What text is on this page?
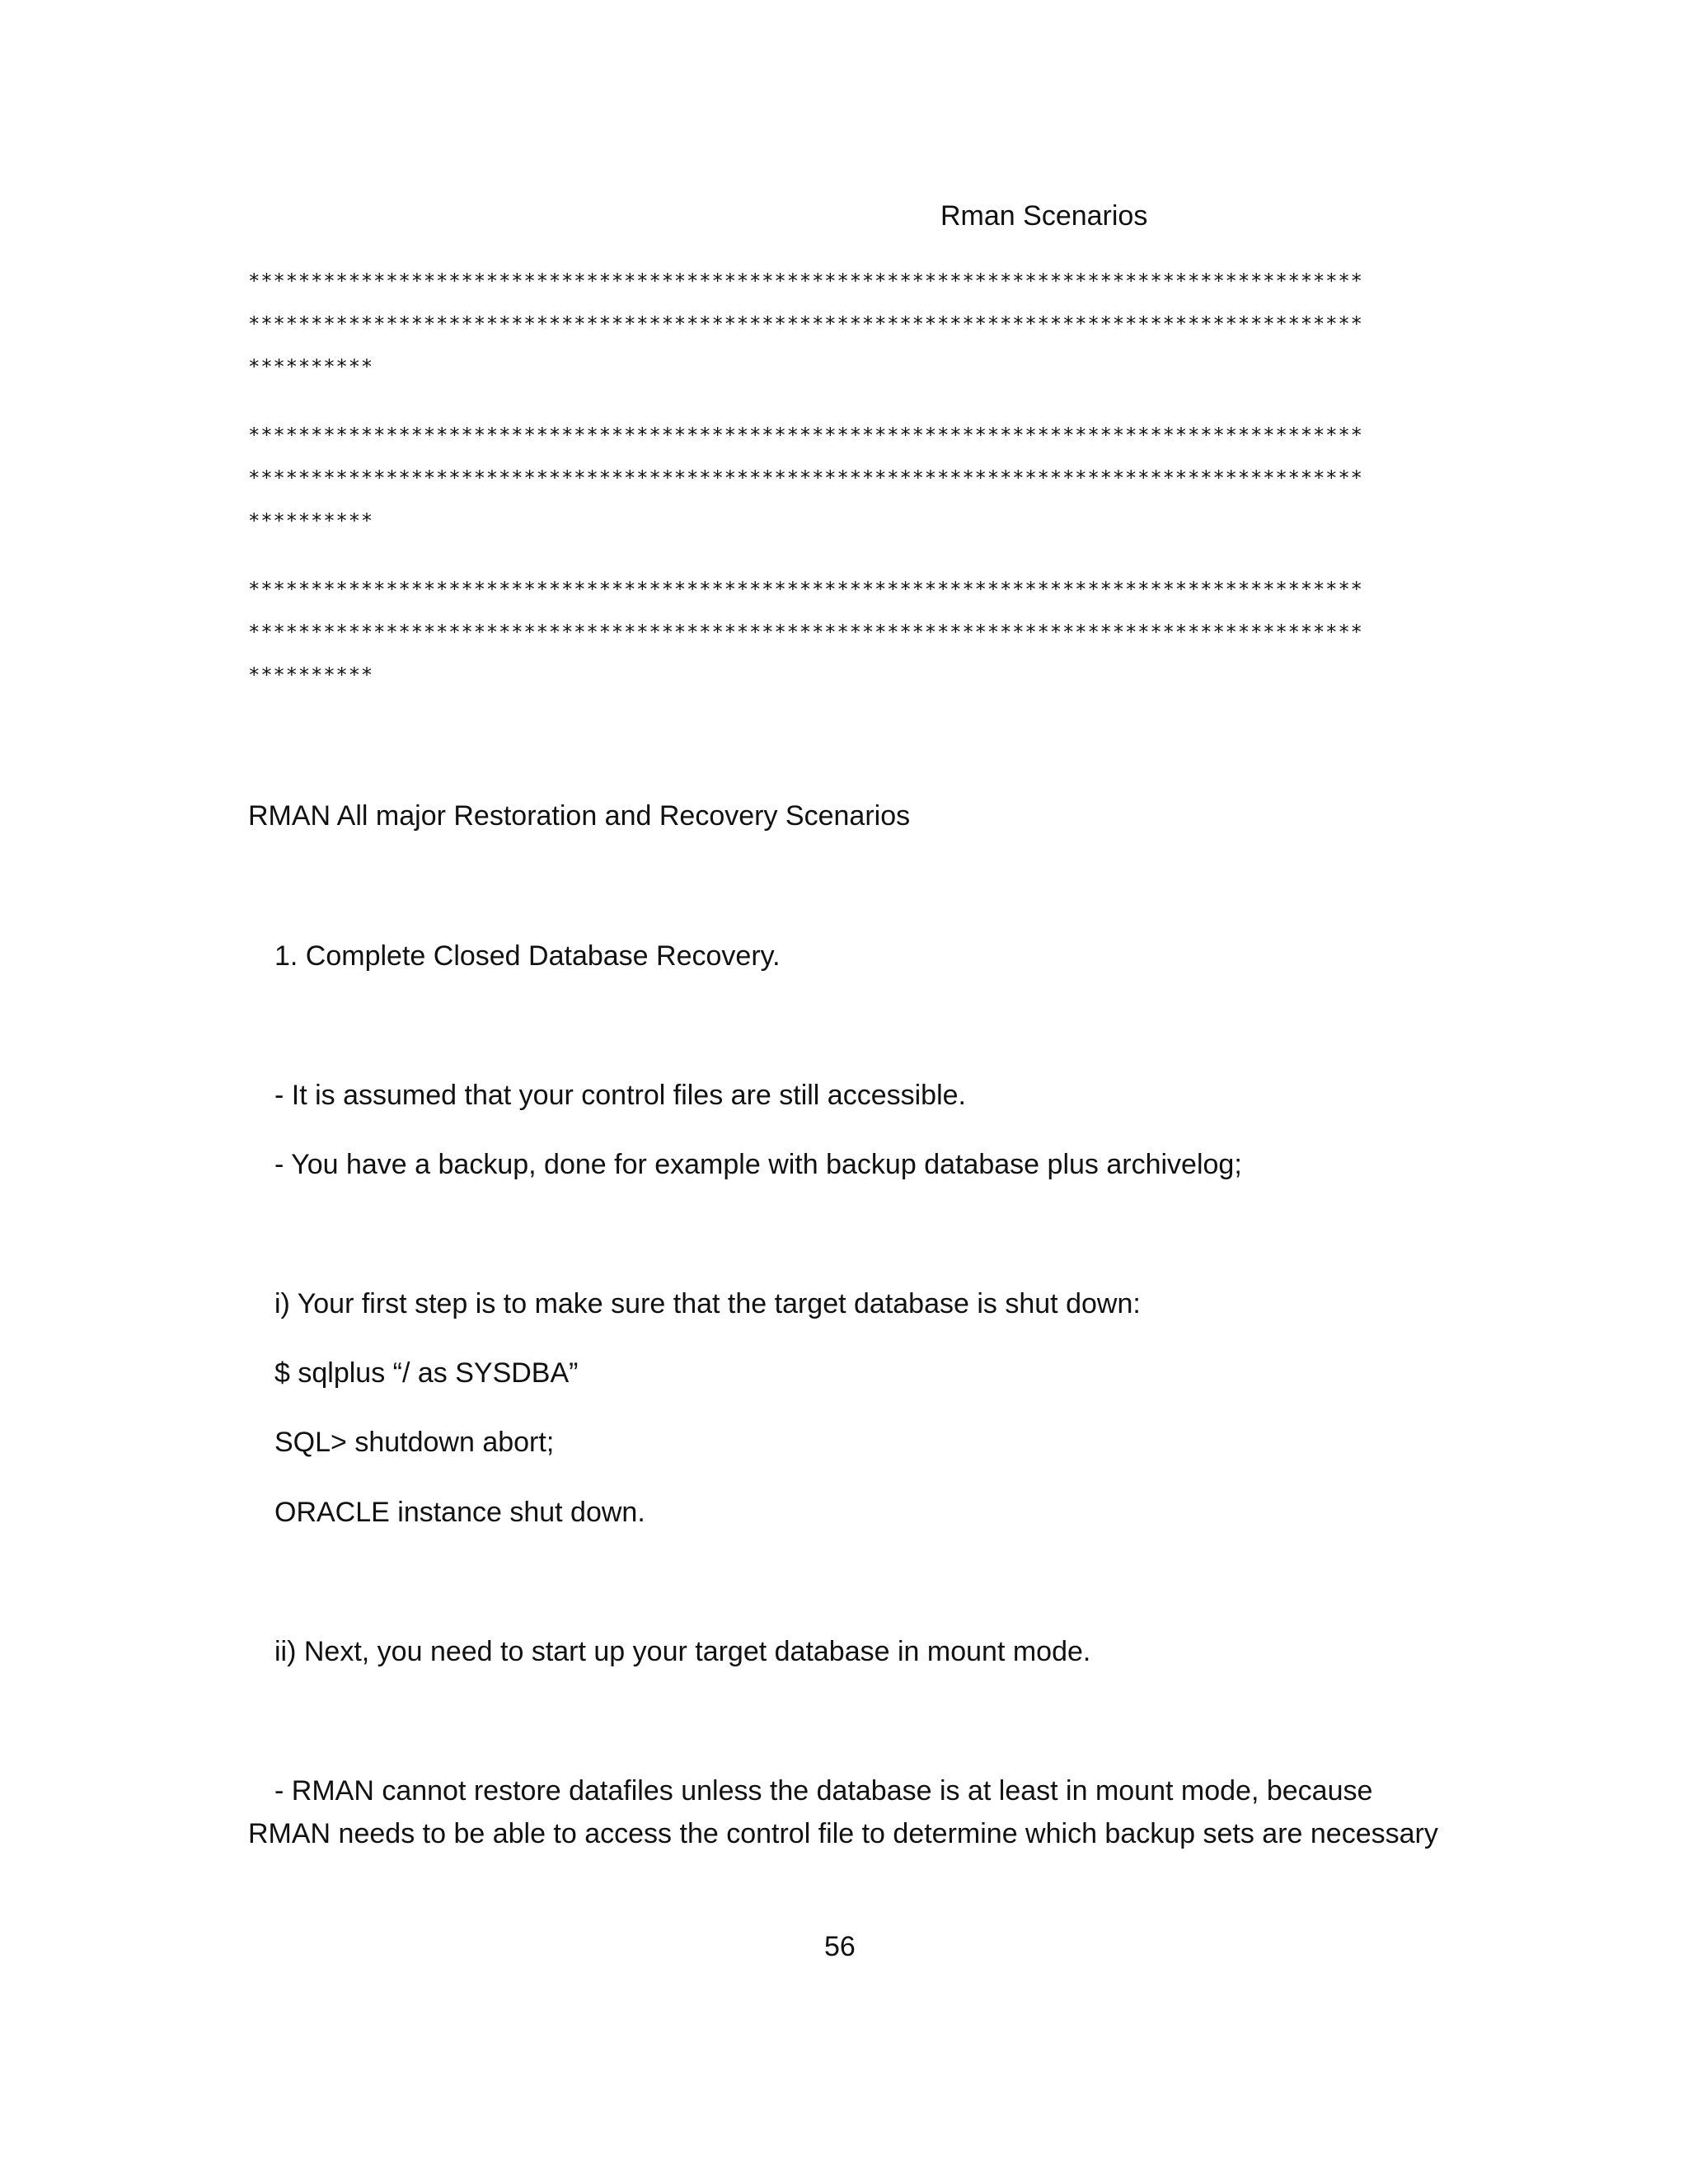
Rman Scenarios
*****************************************************************************************
*****************************************************************************************
**********
*****************************************************************************************
*****************************************************************************************
**********
*****************************************************************************************
*****************************************************************************************
**********
RMAN All major Restoration and Recovery Scenarios
1. Complete Closed Database Recovery.
- It is assumed that your control files are still accessible.
- You have a backup, done for example with backup database plus archivelog;
i) Your first step is to make sure that the target database is shut down:
$ sqlplus “/ as SYSDBA”
SQL> shutdown abort;
ORACLE instance shut down.
ii) Next, you need to start up your target database in mount mode.
- RMAN cannot restore datafiles unless the database is at least in mount mode, because
RMAN needs to be able to access the control file to determine which backup sets are necessary
56
